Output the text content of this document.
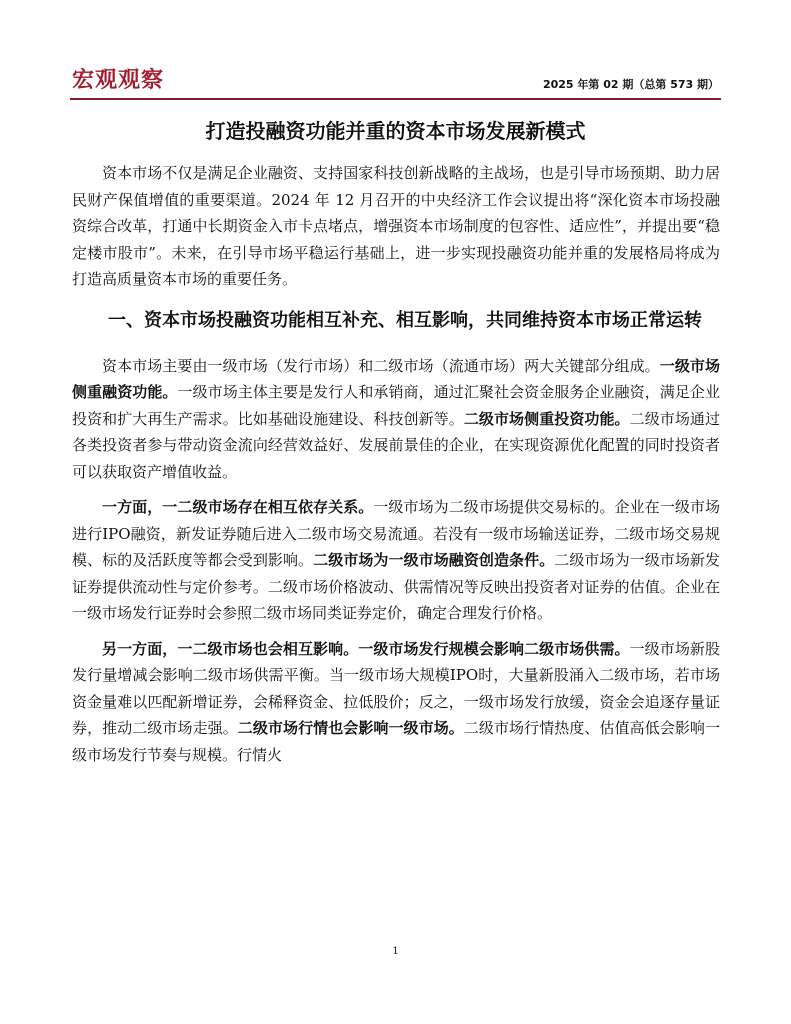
宏观观察	2025 年第 02 期（总第 573 期）
打造投融资功能并重的资本市场发展新模式

资本市场不仅是满足企业融资、支持国家科技创新战略的主战场，也是引导市场预期、助力居民财产保值增值的重要渠道。2024 年 12 月召开的中央经济工作会议提出将“深化资本市场投融资综合改革，打通中长期资金入市卡点堵点，增强资本市场制度的包容性、适应性”，并提出要“稳定楼市股市”。未来，在引导市场平稳运行基础上，进一步实现投融资功能并重的发展格局将成为打造高质量资本市场的重要任务。

一、资本市场投融资功能相互补充、相互影响，共同维持资本市场正常运转

资本市场主要由一级市场（发行市场）和二级市场（流通市场）两大关键部分组成。一级市场侧重融资功能。一级市场主体主要是发行人和承销商，通过汇聚社会资金服务企业融资，满足企业投资和扩大再生产需求。比如基础设施建设、科技创新等。二级市场侧重投资功能。二级市场通过各类投资者参与带动资金流向经营效益好、发展前景佳的企业，在实现资源优化配置的同时投资者可以获取资产增值收益。

一方面，一二级市场存在相互依存关系。一级市场为二级市场提供交易标的。企业在一级市场进行IPO融资，新发证券随后进入二级市场交易流通。若没有一级市场输送证券，二级市场交易规模、标的及活跃度等都会受到影响。二级市场为一级市场融资创造条件。二级市场为一级市场新发证券提供流动性与定价参考。二级市场价格波动、供需情况等反映出投资者对证券的估值。企业在一级市场发行证券时会参照二级市场同类证券定价，确定合理发行价格。

另一方面，一二级市场也会相互影响。一级市场发行规模会影响二级市场供需。一级市场新股发行量增减会影响二级市场供需平衡。当一级市场大规模IPO时，大量新股涌入二级市场，若市场资金量难以匹配新增证券，会稀释资金、拉低股价；反之，一级市场发行放缓，资金会追逐存量证券，推动二级市场走强。二级市场行情也会影响一级市场。二级市场行情热度、估值高低会影响一级市场发行节奏与规模。行情火

1
